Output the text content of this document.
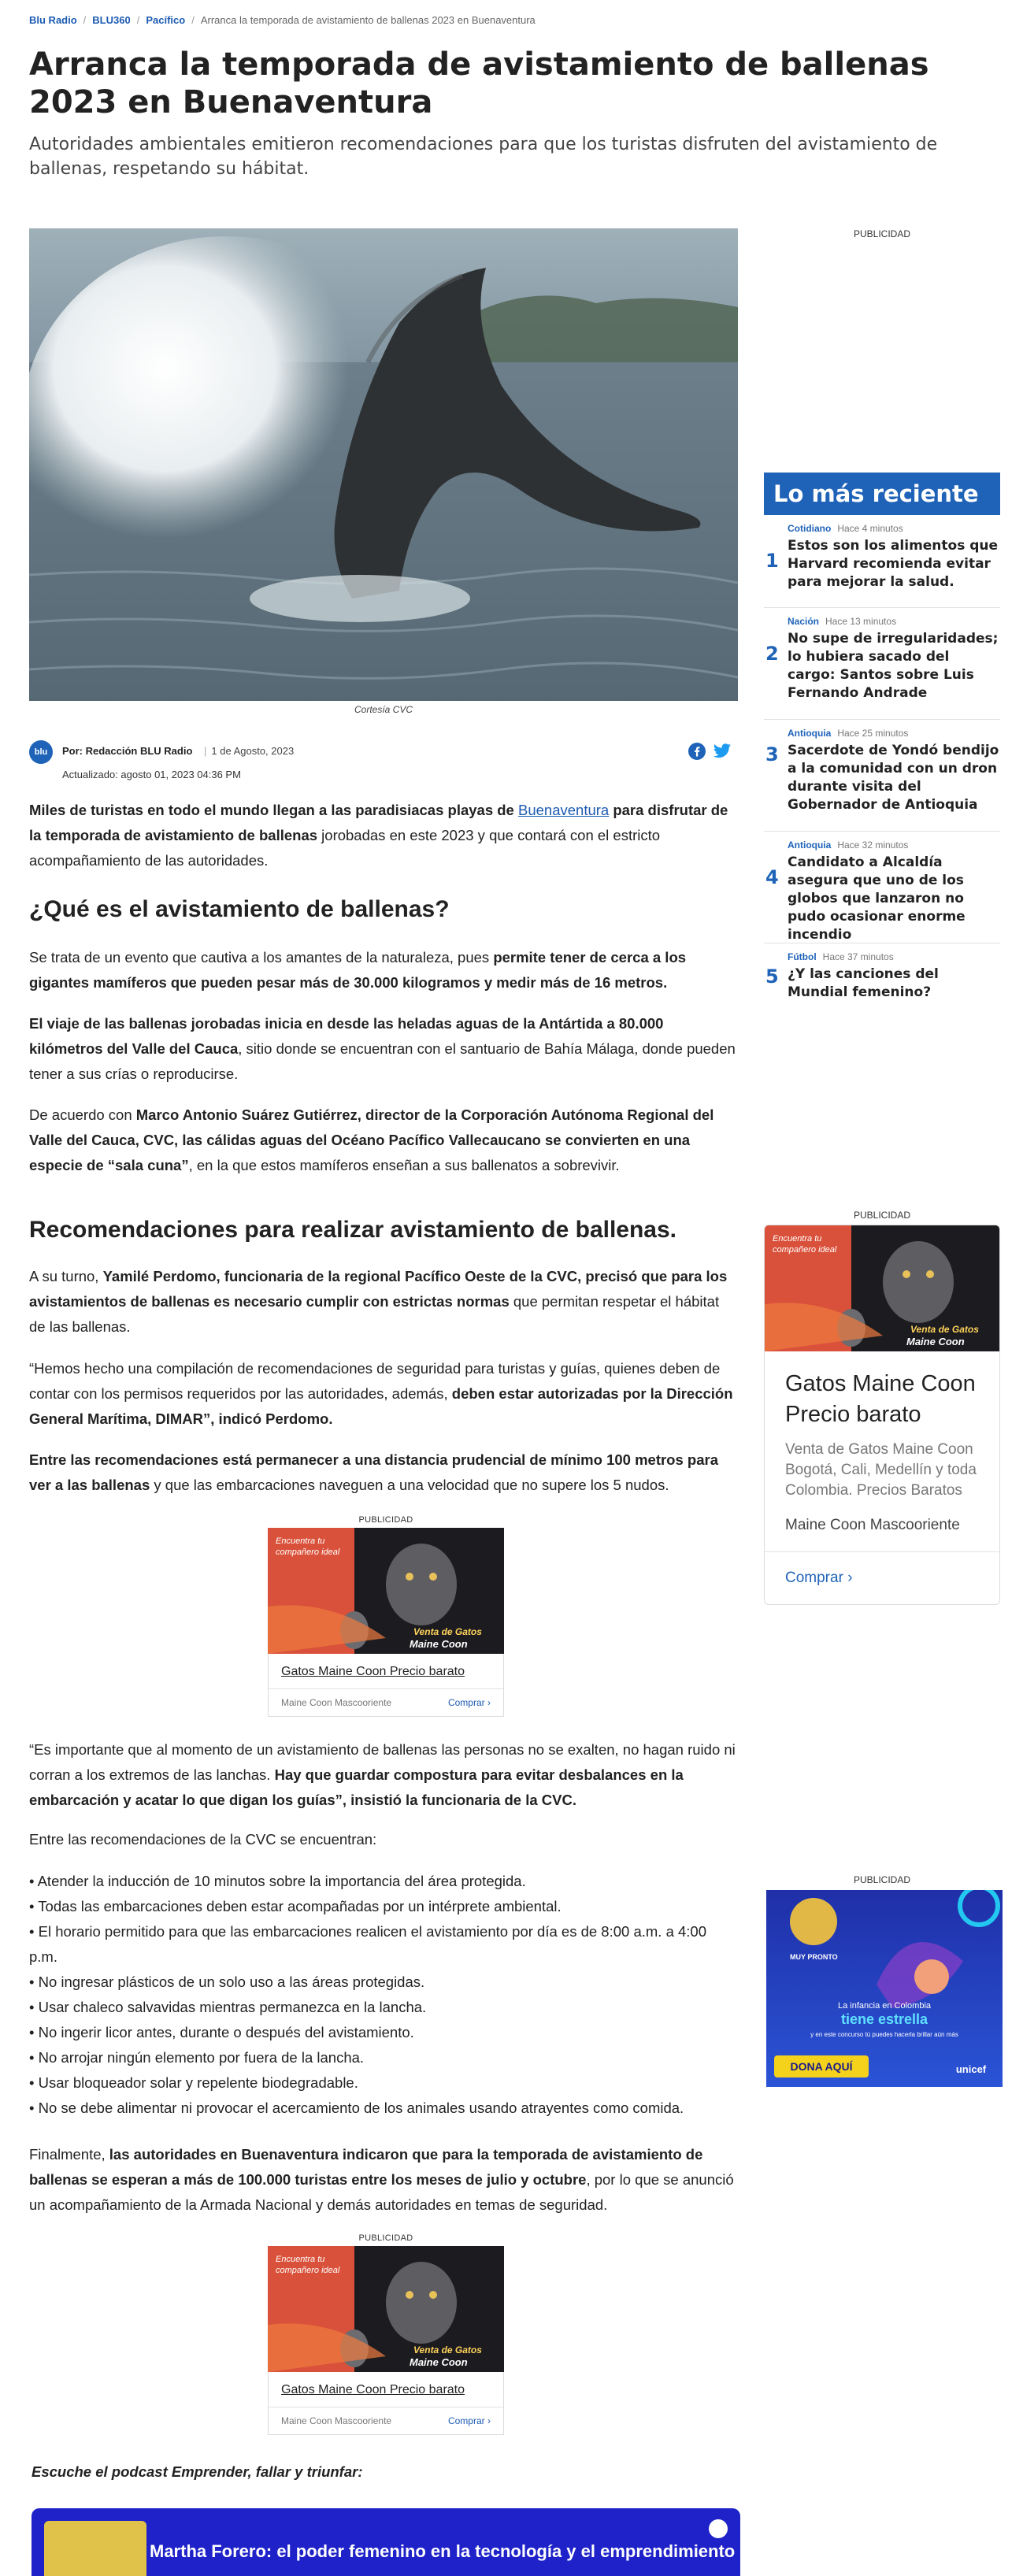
Blu Radio / BLU360 / Pacífico / Arranca la temporada de avistamiento de ballenas 2023 en Buenaventura
Arranca la temporada de avistamiento de ballenas 2023 en Buenaventura

Autoridades ambientales emitieron recomendaciones para que los turistas disfruten del avistamiento de ballenas, respetando su hábitat.

Cortesía CVC
blu	Por: Redacción BLU Radio
|	1 de Agosto, 2023
Actualizado: agosto 01, 2023 04:36 PM

Miles de turistas en todo el mundo llegan a las paradisiacas playas de Buenaventura para disfrutar de la temporada de avistamiento de ballenas jorobadas en este 2023 y que contará con el estricto acompañamiento de las autoridades.

¿Qué es el avistamiento de ballenas?

Se trata de un evento que cautiva a los amantes de la naturaleza, pues permite tener de cerca a los gigantes mamíferos que pueden pesar más de 30.000 kilogramos y medir más de 16 metros.

El viaje de las ballenas jorobadas inicia en desde las heladas aguas de la Antártida a 80.000 kilómetros del Valle del Cauca, sitio donde se encuentran con el santuario de Bahía Málaga, donde pueden tener a sus crías o reproducirse.

De acuerdo con Marco Antonio Suárez Gutiérrez, director de la Corporación Autónoma Regional del Valle del Cauca, CVC, las cálidas aguas del Océano Pacífico Vallecaucano se convierten en una especie de “sala cuna”, en la que estos mamíferos enseñan a sus ballenatos a sobrevivir.

Recomendaciones para realizar avistamiento de ballenas.

A su turno, Yamilé Perdomo, funcionaria de la regional Pacífico Oeste de la CVC, precisó que para los avistamientos de ballenas es necesario cumplir con estrictas normas que permitan respetar el hábitat de las ballenas.

“Hemos hecho una compilación de recomendaciones de seguridad para turistas y guías, quienes deben de contar con los permisos requeridos por las autoridades, además, deben estar autorizadas por la Dirección General Marítima, DIMAR”, indicó Perdomo.

Entre las recomendaciones está permanecer a una distancia prudencial de mínimo 100 metros para ver a las ballenas y que las embarcaciones naveguen a una velocidad que no supere los 5 nudos.

PUBLICIDAD
Encuentra tu
compañero ideal
Venta de Gatos
Maine Coon
Gatos Maine Coon Precio barato
Maine Coon Mascooriente	Comprar ›

“Es importante que al momento de un avistamiento de ballenas las personas no se exalten, no hagan ruido ni corran a los extremos de las lanchas. Hay que guardar compostura para evitar desbalances en la embarcación y acatar lo que digan los guías”, insistió la funcionaria de la CVC.

Entre las recomendaciones de la CVC se encuentran:

• Atender la inducción de 10 minutos sobre la importancia del área protegida.
• Todas las embarcaciones deben estar acompañadas por un intérprete ambiental.
• El horario permitido para que las embarcaciones realicen el avistamiento por día es de 8:00 a.m. a 4:00 p.m.
• No ingresar plásticos de un solo uso a las áreas protegidas.
• Usar chaleco salvavidas mientras permanezca en la lancha.
• No ingerir licor antes, durante o después del avistamiento.
• No arrojar ningún elemento por fuera de la lancha.
• Usar bloqueador solar y repelente biodegradable.
• No se debe alimentar ni provocar el acercamiento de los animales usando atrayentes como comida.

Finalmente, las autoridades en Buenaventura indicaron que para la temporada de avistamiento de ballenas se esperan a más de 100.000 turistas entre los meses de julio y octubre, por lo que se anunció un acompañamiento de la Armada Nacional y demás autoridades en temas de seguridad.

PUBLICIDAD
Encuentra tu
compañero ideal
Venta de Gatos
Maine Coon
Gatos Maine Coon Precio barato
Maine Coon Mascooriente	Comprar ›
Escuche el podcast Emprender, fallar y triunfar:
Martha Forero: el poder femenino en la tecnología y el emprendimiento
PUBLICIDAD
Lo más reciente
1
Cotidiano Hace 4 minutos
Estos son los alimentos que Harvard recomienda evitar para mejorar la salud.
2
Nación Hace 13 minutos
No supe de irregularidades; lo hubiera sacado del cargo: Santos sobre Luis Fernando Andrade
3
Antioquia Hace 25 minutos
Sacerdote de Yondó bendijo a la comunidad con un dron durante visita del Gobernador de Antioquia
4
Antioquia Hace 32 minutos
Candidato a Alcaldía asegura que uno de los globos que lanzaron no pudo ocasionar enorme incendio
5
Fútbol Hace 37 minutos
¿Y las canciones del Mundial femenino?
PUBLICIDAD
Encuentra tu
compañero ideal
Venta de Gatos
Maine Coon
Gatos Maine Coon Precio barato
Venta de Gatos Maine Coon Bogotá, Cali, Medellín y toda Colombia. Precios Baratos
Maine Coon Mascooriente
Comprar ›
PUBLICIDAD
MUY PRONTO
La infancia en Colombia
tiene estrella
y en este concurso tú puedes hacerla brillar aún más
DONA AQUÍ	unicef
